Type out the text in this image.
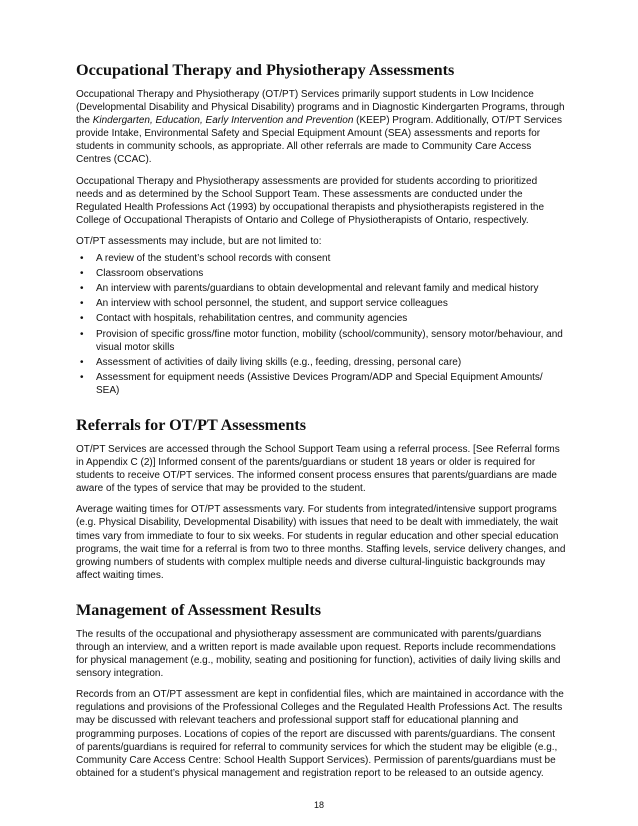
Occupational Therapy and Physiotherapy Assessments

Occupational Therapy and Physiotherapy (OT/PT) Services primarily support students in Low Incidence (Developmental Disability and Physical Disability) programs and in Diagnostic Kindergarten Programs, through the Kindergarten, Education, Early Intervention and Prevention (KEEP) Program. Additionally, OT/PT Services provide Intake, Environmental Safety and Special Equipment Amount (SEA) assessments and reports for students in community schools, as appropriate. All other referrals are made to Community Care Access Centres (CCAC).

Occupational Therapy and Physiotherapy assessments are provided for students according to prioritized needs and as determined by the School Support Team. These assessments are conducted under the Regulated Health Professions Act (1993) by occupational therapists and physiotherapists registered in the College of Occupational Therapists of Ontario and College of Physiotherapists of Ontario, respectively.

OT/PT assessments may include, but are not limited to:

• A review of the student’s school records with consent
• Classroom observations
• An interview with parents/guardians to obtain developmental and relevant family and medical history
• An interview with school personnel, the student, and support service colleagues
• Contact with hospitals, rehabilitation centres, and community agencies
• Provision of specific gross/fine motor function, mobility (school/community), sensory motor/behaviour, and visual motor skills
• Assessment of activities of daily living skills (e.g., feeding, dressing, personal care)
• Assessment for equipment needs (Assistive Devices Program/ADP and Special Equipment Amounts/ SEA)
Referrals for OT/PT Assessments

OT/PT Services are accessed through the School Support Team using a referral process. [See Referral forms in Appendix C (2)] Informed consent of the parents/guardians or student 18 years or older is required for students to receive OT/PT services. The informed consent process ensures that parents/guardians are made aware of the types of service that may be provided to the student.

Average waiting times for OT/PT assessments vary. For students from integrated/intensive support programs (e.g. Physical Disability, Developmental Disability) with issues that need to be dealt with immediately, the wait times vary from immediate to four to six weeks. For students in regular education and other special education programs, the wait time for a referral is from two to three months. Staffing levels, service delivery changes, and growing numbers of students with complex multiple needs and diverse cultural-linguistic backgrounds may affect waiting times.

Management of Assessment Results

The results of the occupational and physiotherapy assessment are communicated with parents/guardians through an interview, and a written report is made available upon request. Reports include recommendations for physical management (e.g., mobility, seating and positioning for function), activities of daily living skills and sensory integration.

Records from an OT/PT assessment are kept in confidential files, which are maintained in accordance with the regulations and provisions of the Professional Colleges and the Regulated Health Professions Act. The results may be discussed with relevant teachers and professional support staff for educational planning and programming purposes. Locations of copies of the report are discussed with parents/guardians. The consent of parents/guardians is required for referral to community services for which the student may be eligible (e.g., Community Care Access Centre: School Health Support Services). Permission of parents/guardians must be obtained for a student’s physical management and registration report to be released to an outside agency.

18
